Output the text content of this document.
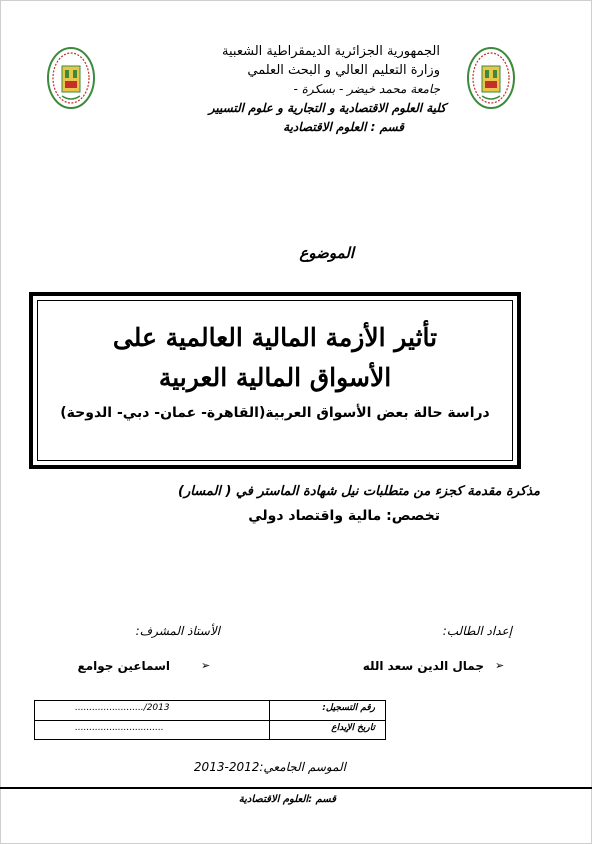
الجمهورية الجزائرية الديمقراطية الشعبية
وزارة التعليم العالي و البحث العلمي
جامعة محمد خيضر - بسكرة -
كلية العلوم الاقتصادية و التجارية و علوم التسيير
قسم : العلوم الاقتصادية
الموضوع
تأثير الأزمة المالية العالمية على
الأسواق المالية العربية
دراسة حالة بعض الأسواق العربية(القاهرة- عمان- دبي- الدوحة)
مذكرة مقدمة كجزء من متطلبات نيل شهادة الماستر في ( المسار)
تخصص: مالية واقتصاد دولي
إعداد الطالب:
الأستاذ المشرف:
➢
جمال الدين سعد الله
➢
اسماعين جوامع
رقم التسجيل:
......................../2013
تاريخ الإيداع
...............................
الموسم الجامعي:2012-2013
قسم :العلوم الاقتصادية
